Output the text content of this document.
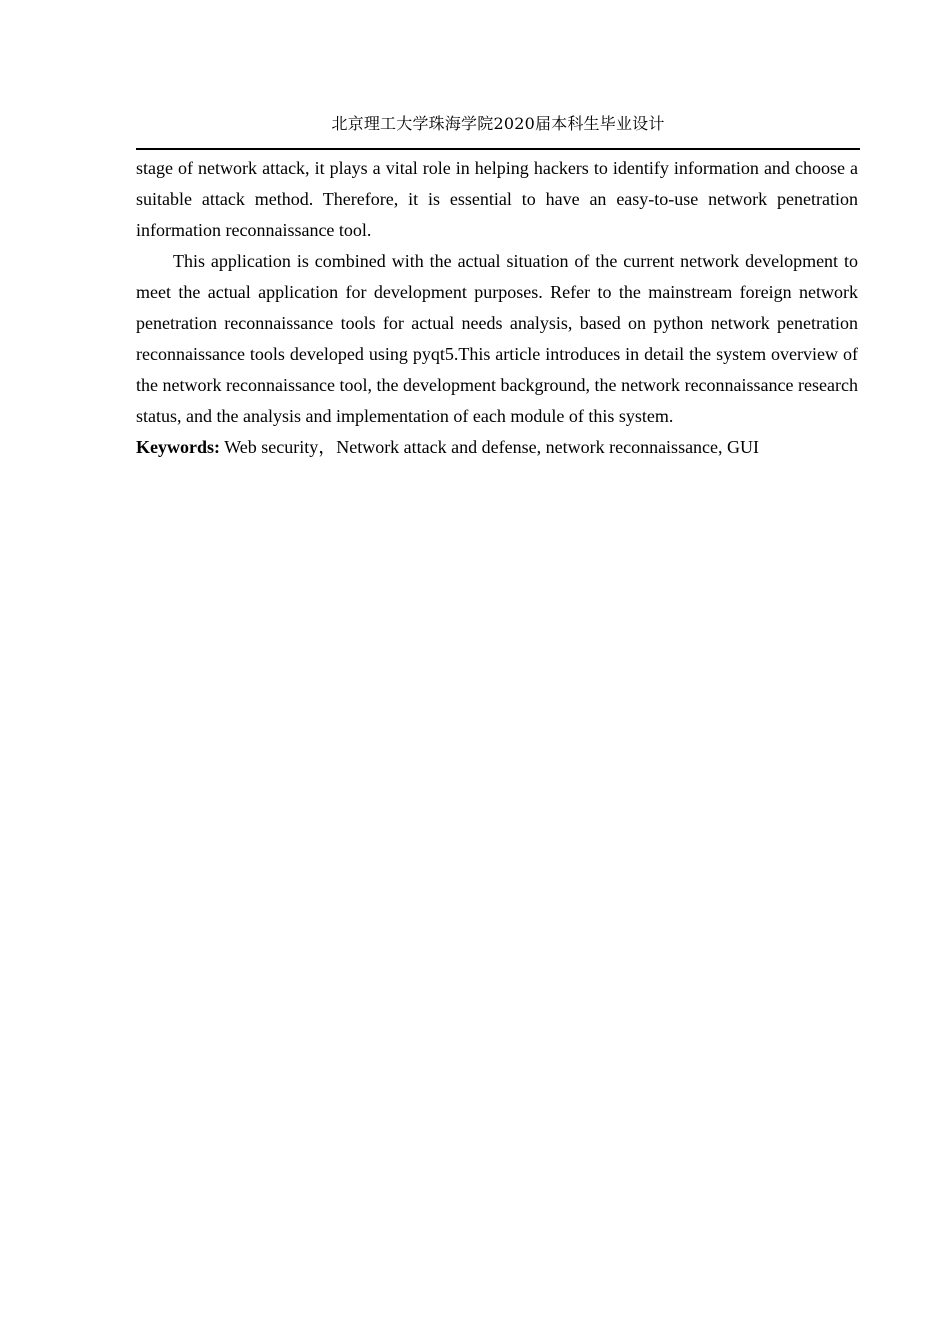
北京理工大学珠海学院2020届本科生毕业设计

stage of network attack, it plays a vital role in helping hackers to identify information and choose a suitable attack method. Therefore, it is essential to have an easy-to-use network penetration information reconnaissance tool.

This application is combined with the actual situation of the current network development to meet the actual application for development purposes. Refer to the mainstream foreign network penetration reconnaissance tools for actual needs analysis, based on python network penetration reconnaissance tools developed using pyqt5.This article introduces in detail the system overview of the network reconnaissance tool, the development background, the network reconnaissance research status, and the analysis and implementation of each module of this system.

Keywords: Web security，Network attack and defense, network reconnaissance, GUI
